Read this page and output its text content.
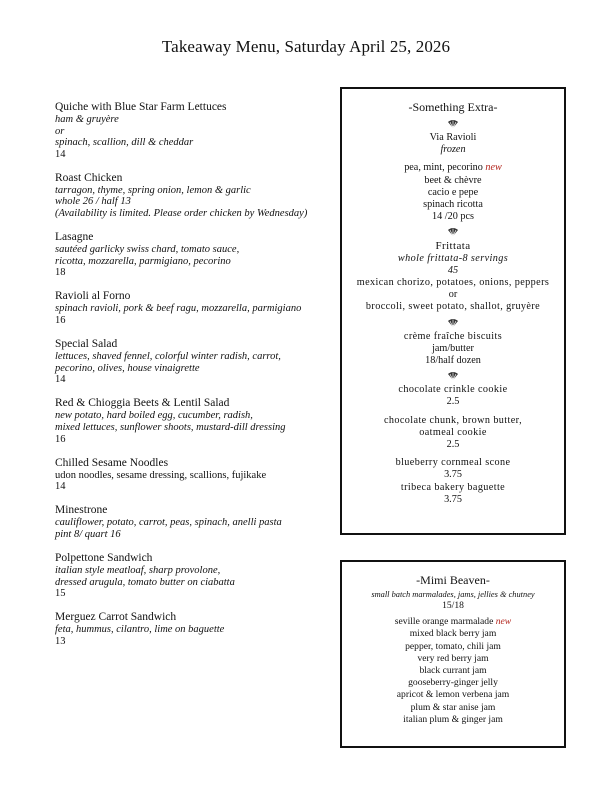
Takeaway Menu, Saturday April 25, 2026
Quiche with Blue Star Farm Lettuces
ham & gruyère
or
spinach, scallion, dill & cheddar
14
Roast Chicken
tarragon, thyme, spring onion, lemon & garlic
whole 26 / half 13
(Availability is limited. Please order chicken by Wednesday)
Lasagne
sautéed garlicky swiss chard, tomato sauce,
ricotta, mozzarella, parmigiano, pecorino
18
Ravioli al Forno
spinach ravioli, pork & beef ragu, mozzarella, parmigiano
16
Special Salad
lettuces, shaved fennel, colorful winter radish, carrot,
pecorino, olives, house vinaigrette
14
Red & Chioggia Beets & Lentil Salad
new potato, hard boiled egg, cucumber, radish,
mixed lettuces, sunflower shoots, mustard-dill dressing
16
Chilled Sesame Noodles
udon noodles, sesame dressing, scallions, fujikake
14
Minestrone
cauliflower, potato, carrot, peas, spinach, anelli pasta
pint 8/ quart 16
Polpettone Sandwich
italian style meatloaf, sharp provolone,
dressed arugula, tomato butter on ciabatta
15
Merguez Carrot Sandwich
feta, hummus, cilantro, lime on baguette
13
-Something Extra-
Via Ravioli
frozen
pea, mint, pecorino new
beet & chèvre
cacio e pepe
spinach ricotta
14 /20 pcs
Frittata
whole frittata-8 servings
45
mexican chorizo, potatoes, onions, peppers
or
broccoli, sweet potato, shallot, gruyère
crème fraîche biscuits
jam/butter
18/half dozen
chocolate crinkle cookie
2.5
chocolate chunk, brown butter,
oatmeal cookie
2.5
blueberry cornmeal scone
3.75
tribeca bakery baguette
3.75
-Mimi Beaven-
small batch marmalades, jams, jellies & chutney
15/18
seville orange marmalade new
mixed black berry jam
pepper, tomato, chili jam
very red berry jam
black currant jam
gooseberry-ginger jelly
apricot & lemon verbena jam
plum & star anise jam
italian plum & ginger jam
